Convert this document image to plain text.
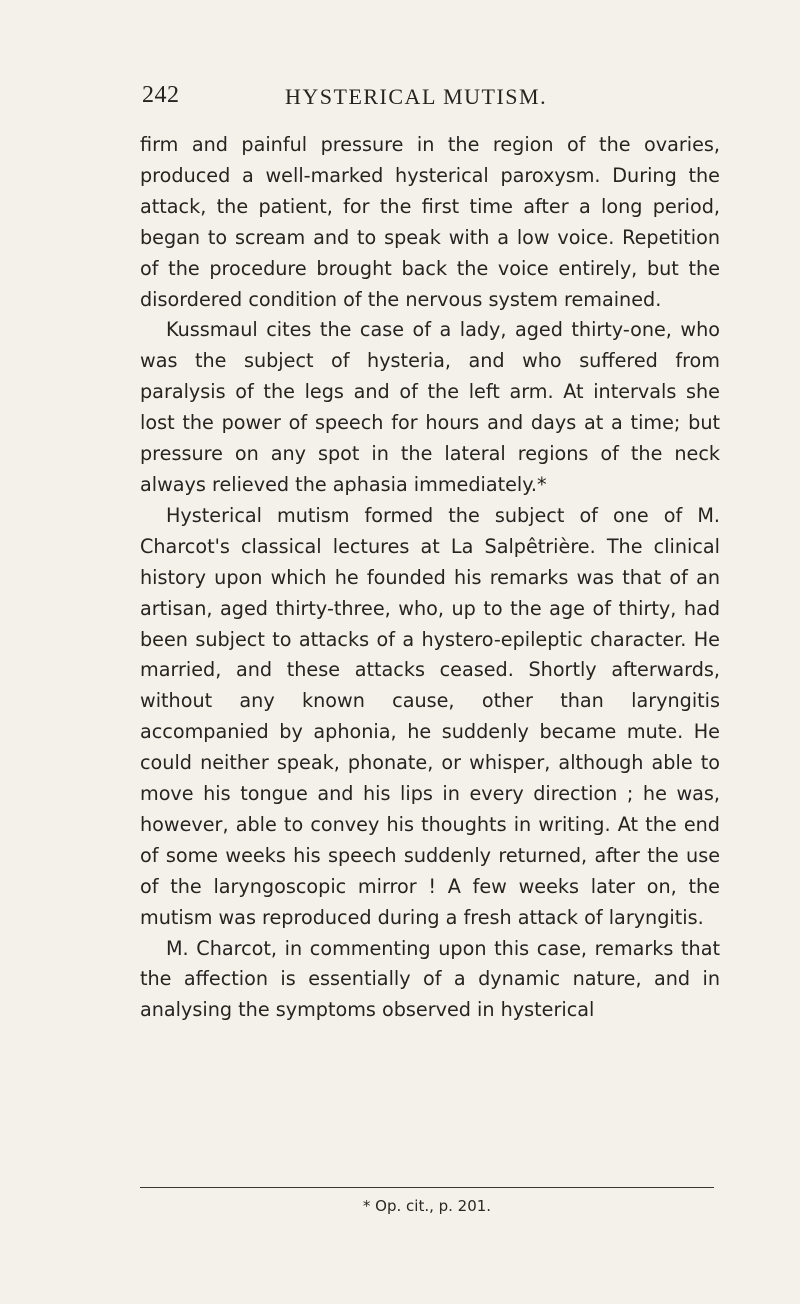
242	HYSTERICAL MUTISM.

firm and painful pressure in the region of the ovaries, produced a well-marked hysterical paroxysm. During the attack, the patient, for the first time after a long period, began to scream and to speak with a low voice. Repetition of the procedure brought back the voice entirely, but the disordered condition of the nervous system remained.

Kussmaul cites the case of a lady, aged thirty-one, who was the subject of hysteria, and who suffered from paralysis of the legs and of the left arm. At intervals she lost the power of speech for hours and days at a time; but pressure on any spot in the lateral regions of the neck always relieved the aphasia immediately.*

Hysterical mutism formed the subject of one of M. Charcot's classical lectures at La Salpêtrière. The clinical history upon which he founded his remarks was that of an artisan, aged thirty-three, who, up to the age of thirty, had been subject to attacks of a hystero-epileptic character. He married, and these attacks ceased. Shortly afterwards, without any known cause, other than laryngitis accompanied by aphonia, he suddenly became mute. He could neither speak, phonate, or whisper, although able to move his tongue and his lips in every direction ; he was, however, able to convey his thoughts in writing. At the end of some weeks his speech suddenly returned, after the use of the laryngoscopic mirror ! A few weeks later on, the mutism was reproduced during a fresh attack of laryngitis.

M. Charcot, in commenting upon this case, remarks that the affection is essentially of a dynamic nature, and in analysing the symptoms observed in hysterical

* Op. cit., p. 201.
